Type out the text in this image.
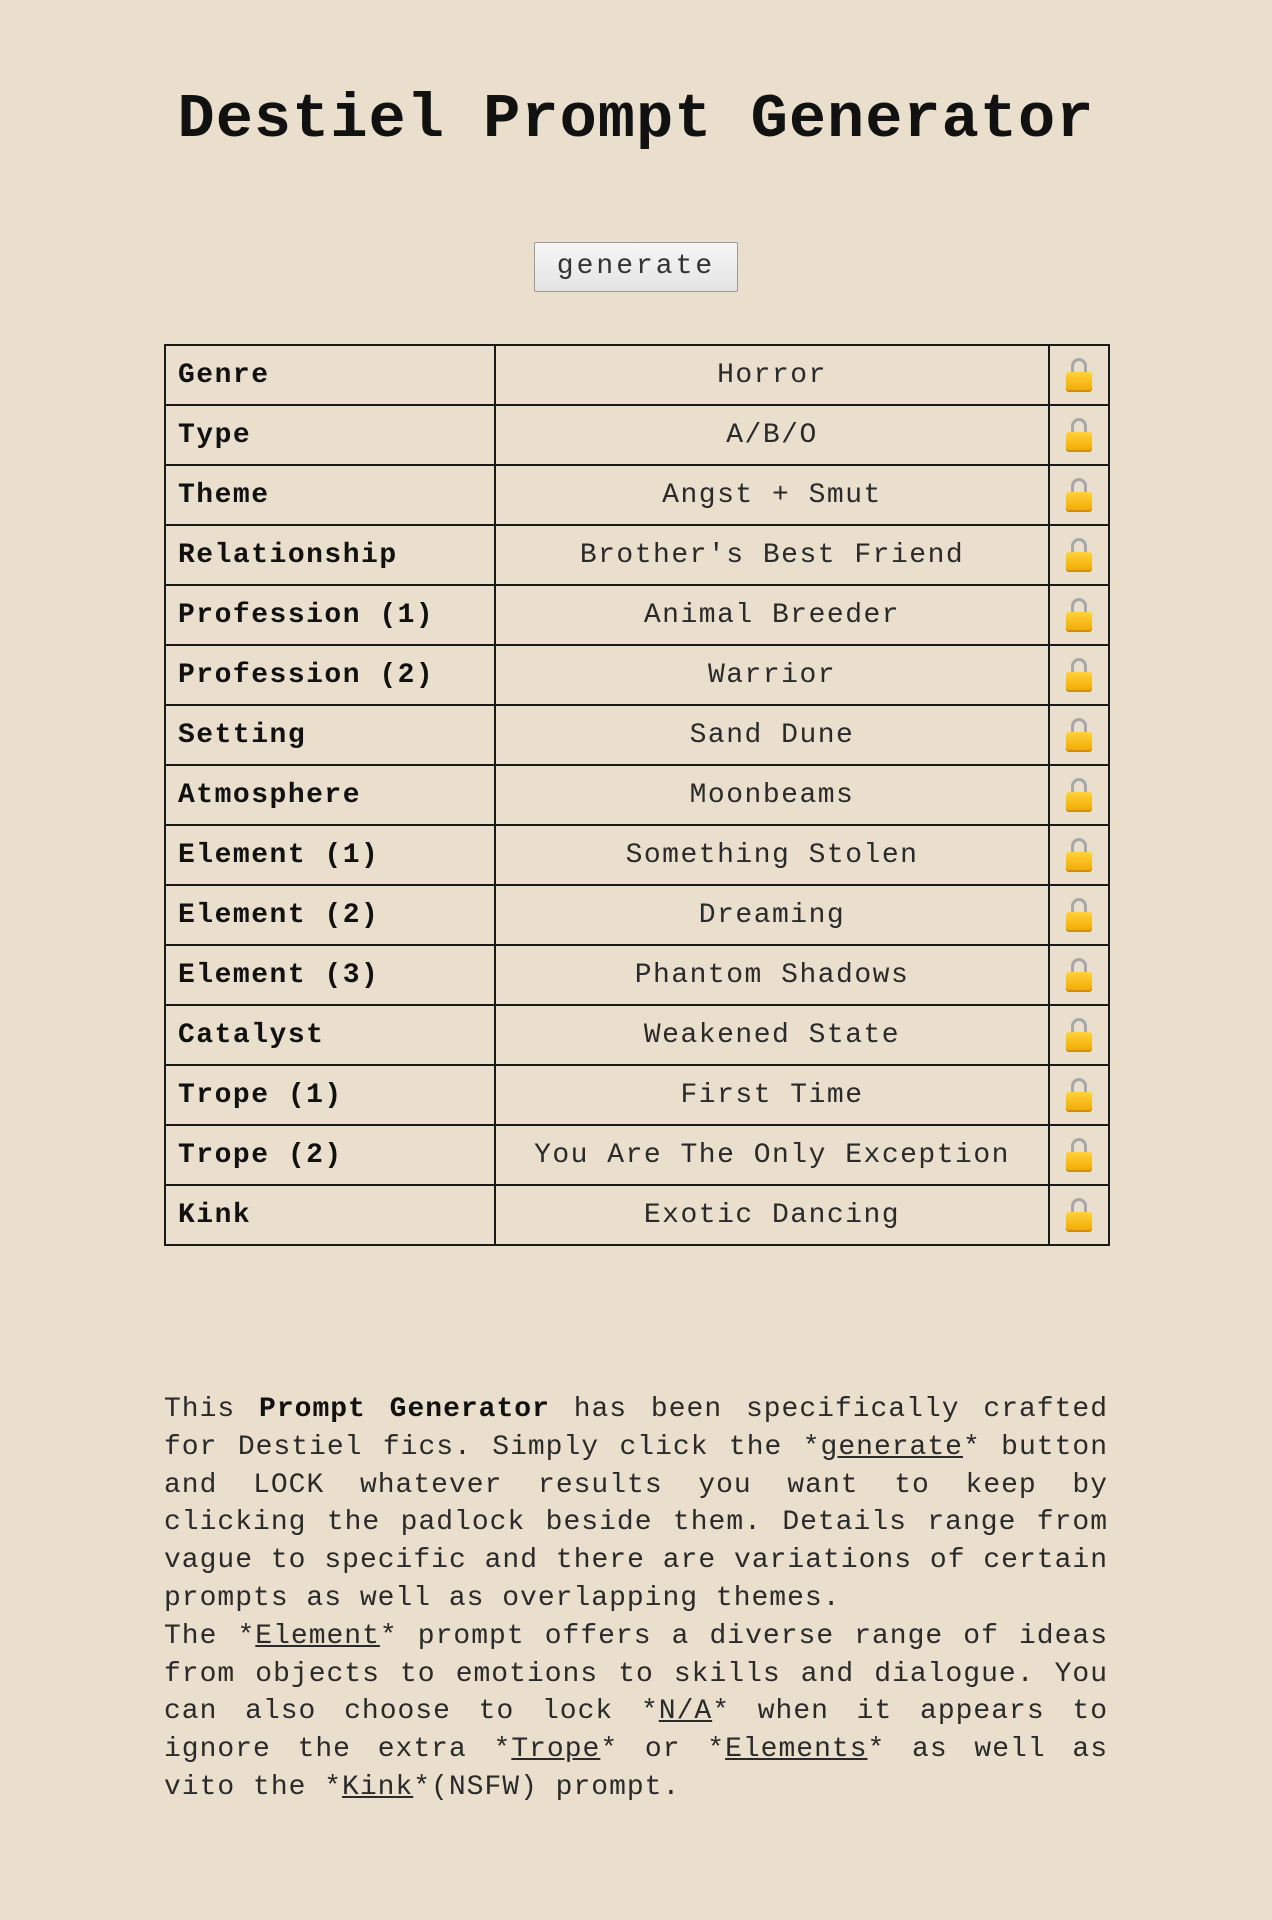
Destiel Prompt Generator
generate
Genre	Horror	

Type	A/B/O	

Theme	Angst + Smut	

Relationship	Brother's Best Friend	

Profession (1)	Animal Breeder	

Profession (2)	Warrior	

Setting	Sand Dune	

Atmosphere	Moonbeams	

Element (1)	Something Stolen	

Element (2)	Dreaming	

Element (3)	Phantom Shadows	

Catalyst	Weakened State	

Trope (1)	First Time	

Trope (2)	You Are The Only Exception	

Kink	Exotic Dancing	

This Prompt Generator has been specifically crafted for Destiel fics. Simply click the *generate* button and LOCK whatever results you want to keep by clicking the padlock beside them. Details range from vague to specific and there are variations of certain prompts as well as overlapping themes.

The *Element* prompt offers a diverse range of ideas from objects to emotions to skills and dialogue. You can also choose to lock *N/A* when it appears to ignore the extra *Trope* or *Elements* as well as vito the *Kink*(NSFW) prompt.
